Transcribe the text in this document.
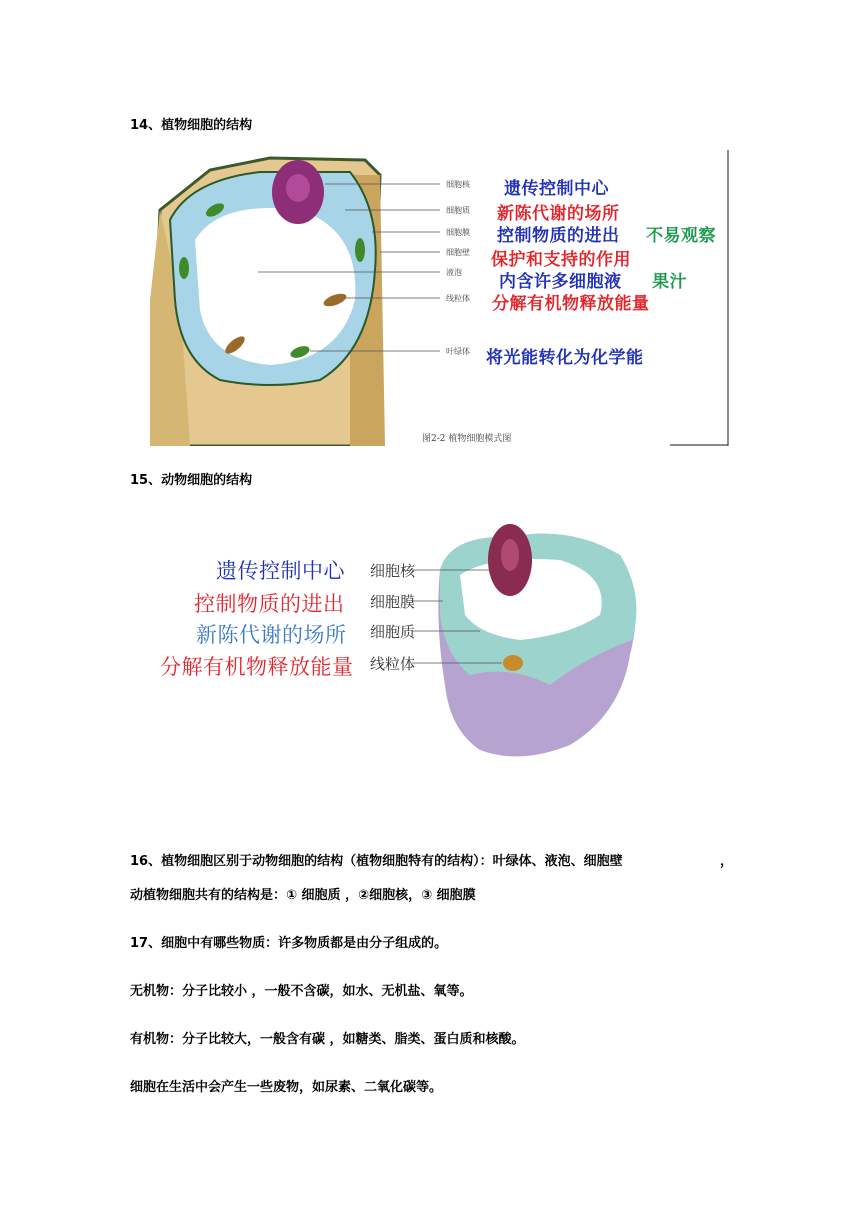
14、植物细胞的结构
细胞核
细胞质
细胞膜
细胞壁
液泡
线粒体
叶绿体
图2-2 植物细胞模式图
遗传控制中心
新陈代谢的场所
控制物质的进出 不易观察
保护和支持的作用
内含许多细胞液 果汁
分解有机物释放能量
将光能转化为化学能
15、动物细胞的结构
遗传控制中心
控制物质的进出
新陈代谢的场所
分解有机物释放能量
细胞核
细胞膜
细胞质
线粒体
16、植物细胞区别于动物细胞的结构（植物细胞特有的结构）：叶绿体、液泡、细胞壁	，
动植物细胞共有的结构是：① 细胞质 ，②细胞核，③ 细胞膜
17、细胞中有哪些物质：许多物质都是由分子组成的。
无机物：分子比较小 ，一般不含碳，如水、无机盐、氧等。
有机物：分子比较大，一般含有碳 ，如糖类、脂类、蛋白质和核酸。
细胞在生活中会产生一些废物，如尿素、二氧化碳等。
